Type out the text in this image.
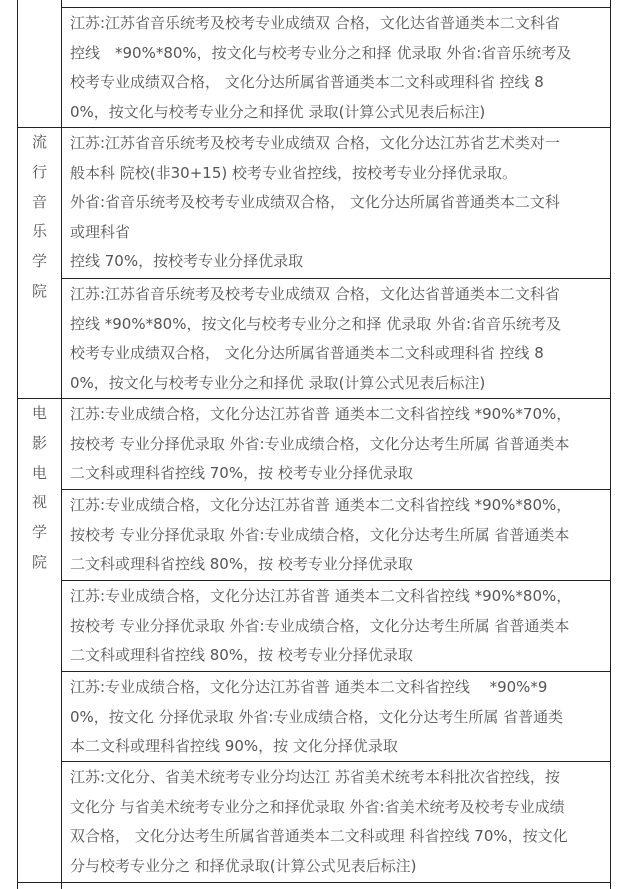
流
行
音
乐
学
院
电
影
电
视
学
院
江苏:江苏省音乐统考及校考专业成绩双 合格，文化达省普通类本二文科省
控线　*90%*80%，按文化与校考专业分之和择 优录取 外省:省音乐统考及
校考专业成绩双合格， 文化分达所属省普通类本二文科或理科省 控线 8
0%，按文化与校考专业分之和择优 录取(计算公式见表后标注)
江苏:江苏省音乐统考及校考专业成绩双 合格，文化分达江苏省艺术类对一
般本科 院校(非30+15) 校考专业省控线，按校考专业分择优录取。
外省:省音乐统考及校考专业成绩双合格， 文化分达所属省普通类本二文科
或理科省
控线 70%，按校考专业分择优录取
江苏:江苏省音乐统考及校考专业成绩双 合格，文化达省普通类本二文科省
控线 *90%*80%，按文化与校考专业分之和择 优录取 外省:省音乐统考及
校考专业成绩双合格， 文化分达所属省普通类本二文科或理科省 控线 8
0%，按文化与校考专业分之和择优 录取(计算公式见表后标注)
江苏:专业成绩合格，文化分达江苏省普 通类本二文科省控线 *90%*70%，
按校考 专业分择优录取 外省:专业成绩合格，文化分达考生所属 省普通类本
二文科或理科省控线 70%，按 校考专业分择优录取
江苏:专业成绩合格，文化分达江苏省普 通类本二文科省控线 *90%*80%，
按校考 专业分择优录取 外省:专业成绩合格，文化分达考生所属 省普通类本
二文科或理科省控线 80%，按 校考专业分择优录取
江苏:专业成绩合格，文化分达江苏省普 通类本二文科省控线 *90%*80%，
按校考 专业分择优录取 外省:专业成绩合格，文化分达考生所属 省普通类本
二文科或理科省控线 80%，按 校考专业分择优录取
江苏:专业成绩合格，文化分达江苏省普 通类本二文科省控线　 *90%*9
0%，按文化 分择优录取 外省:专业成绩合格，文化分达考生所属 省普通类
本二文科或理科省控线 90%，按 文化分择优录取
江苏:文化分、省美术统考专业分均达江 苏省美术统考本科批次省控线，按
文化分 与省美术统考专业分之和择优录取 外省:省美术统考及校考专业成绩
双合格， 文化分达考生所属省普通类本二文科或理 科省控线 70%，按文化
分与校考专业分之 和择优录取(计算公式见表后标注)
